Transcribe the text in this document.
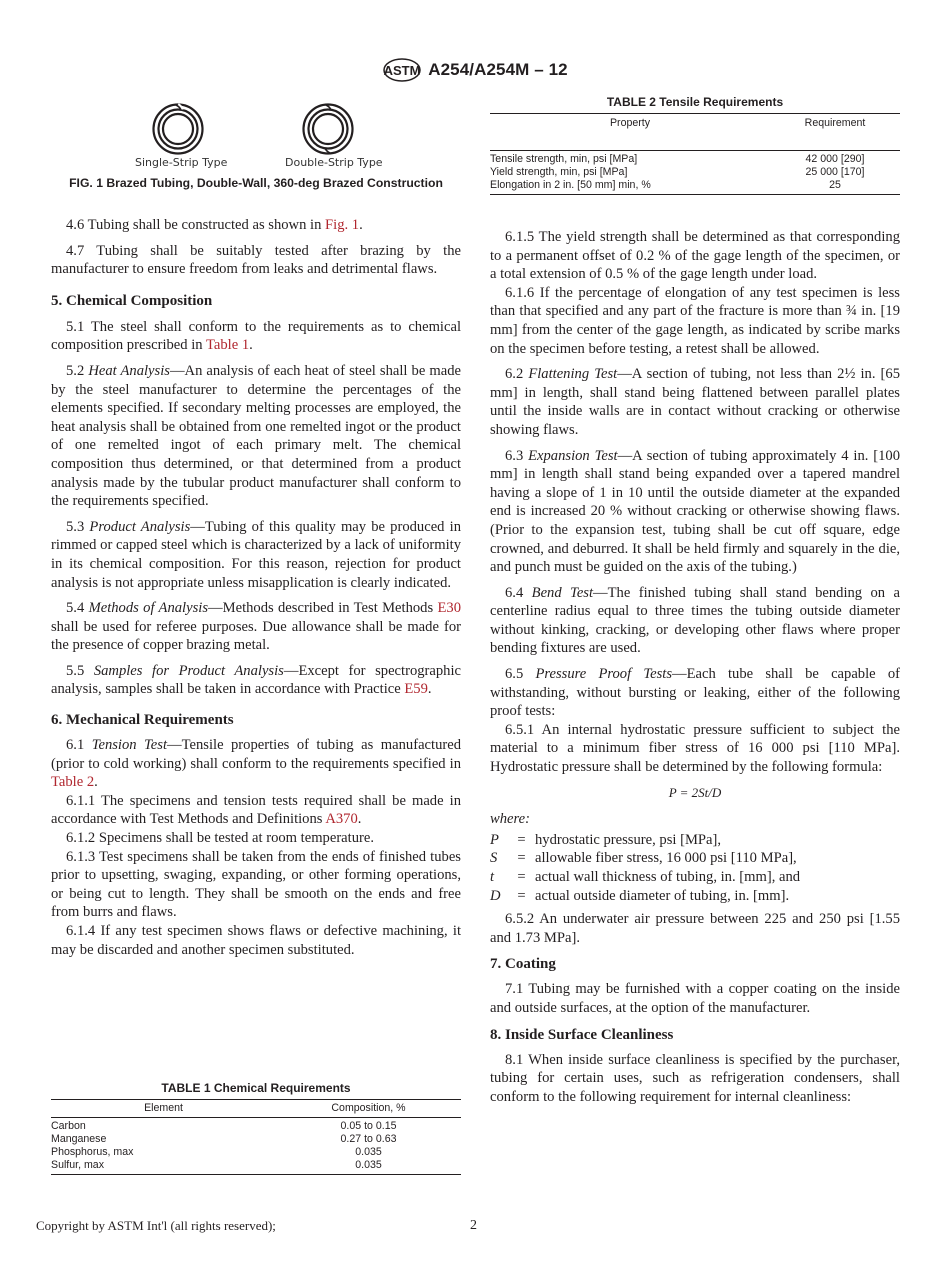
ASTM A254/A254M – 12
Single-Strip Type	Double-Strip Type
FIG. 1 Brazed Tubing, Double-Wall, 360-deg Brazed Construction
TABLE 2 Tensile Requirements
Property	Requirement

Tensile strength, min, psi [MPa]	42 000 [290]
Yield strength, min, psi [MPa]	25 000 [170]
Elongation in 2 in. [50 mm] min, %	25

4.6 Tubing shall be constructed as shown in Fig. 1.

4.7 Tubing shall be suitably tested after brazing by the manufacturer to ensure freedom from leaks and detrimental flaws.

5. Chemical Composition

5.1 The steel shall conform to the requirements as to chemical composition prescribed in Table 1.

5.2 Heat Analysis—An analysis of each heat of steel shall be made by the steel manufacturer to determine the percentages of the elements specified. If secondary melting processes are employed, the heat analysis shall be obtained from one remelted ingot or the product of one remelted ingot of each primary melt. The chemical composition thus determined, or that determined from a product analysis made by the tubular product manufacturer shall conform to the requirements specified.

5.3 Product Analysis—Tubing of this quality may be produced in rimmed or capped steel which is characterized by a lack of uniformity in its chemical composition. For this reason, rejection for product analysis is not appropriate unless misapplication is clearly indicated.

5.4 Methods of Analysis—Methods described in Test Methods E30 shall be used for referee purposes. Due allowance shall be made for the presence of copper brazing metal.

5.5 Samples for Product Analysis—Except for spectrographic analysis, samples shall be taken in accordance with Practice E59.

6. Mechanical Requirements

6.1 Tension Test—Tensile properties of tubing as manufactured (prior to cold working) shall conform to the requirements specified in Table 2.

6.1.1 The specimens and tension tests required shall be made in accordance with Test Methods and Definitions A370.

6.1.2 Specimens shall be tested at room temperature.

6.1.3 Test specimens shall be taken from the ends of finished tubes prior to upsetting, swaging, expanding, or other forming operations, or being cut to length. They shall be smooth on the ends and free from burrs and flaws.

6.1.4 If any test specimen shows flaws or defective machining, it may be discarded and another specimen substituted.

TABLE 1 Chemical Requirements
Element	Composition, %
Carbon	0.05 to 0.15
Manganese	0.27 to 0.63
Phosphorus, max	0.035
Sulfur, max	0.035

6.1.5 The yield strength shall be determined as that corresponding to a permanent offset of 0.2 % of the gage length of the specimen, or a total extension of 0.5 % of the gage length under load.

6.1.6 If the percentage of elongation of any test specimen is less than that specified and any part of the fracture is more than ¾ in. [19 mm] from the center of the gage length, as indicated by scribe marks on the specimen before testing, a retest shall be allowed.

6.2 Flattening Test—A section of tubing, not less than 2½ in. [65 mm] in length, shall stand being flattened between parallel plates until the inside walls are in contact without cracking or otherwise showing flaws.

6.3 Expansion Test—A section of tubing approximately 4 in. [100 mm] in length shall stand being expanded over a tapered mandrel having a slope of 1 in 10 until the outside diameter at the expanded end is increased 20 % without cracking or otherwise showing flaws. (Prior to the expansion test, tubing shall be cut off square, edge crowned, and deburred. It shall be held firmly and squarely in the die, and punch must be guided on the axis of the tubing.)

6.4 Bend Test—The finished tubing shall stand bending on a centerline radius equal to three times the tubing outside diameter without kinking, cracking, or developing other flaws where proper bending fixtures are used.

6.5 Pressure Proof Tests—Each tube shall be capable of withstanding, without bursting or leaking, either of the following proof tests:

6.5.1 An internal hydrostatic pressure sufficient to subject the material to a minimum fiber stress of 16 000 psi [110 MPa]. Hydrostatic pressure shall be determined by the following formula:

P = 2St/D

where:

P	= hydrostatic pressure, psi [MPa],
S	= allowable fiber stress, 16 000 psi [110 MPa],
t	= actual wall thickness of tubing, in. [mm], and
D	= actual outside diameter of tubing, in. [mm].

6.5.2 An underwater air pressure between 225 and 250 psi [1.55 and 1.73 MPa].

7. Coating

7.1 Tubing may be furnished with a copper coating on the inside and outside surfaces, at the option of the manufacturer.

8. Inside Surface Cleanliness

8.1 When inside surface cleanliness is specified by the purchaser, tubing for certain uses, such as refrigeration condensers, shall conform to the following requirement for internal cleanliness:

Copyright by ASTM Int'l (all rights reserved);	2
